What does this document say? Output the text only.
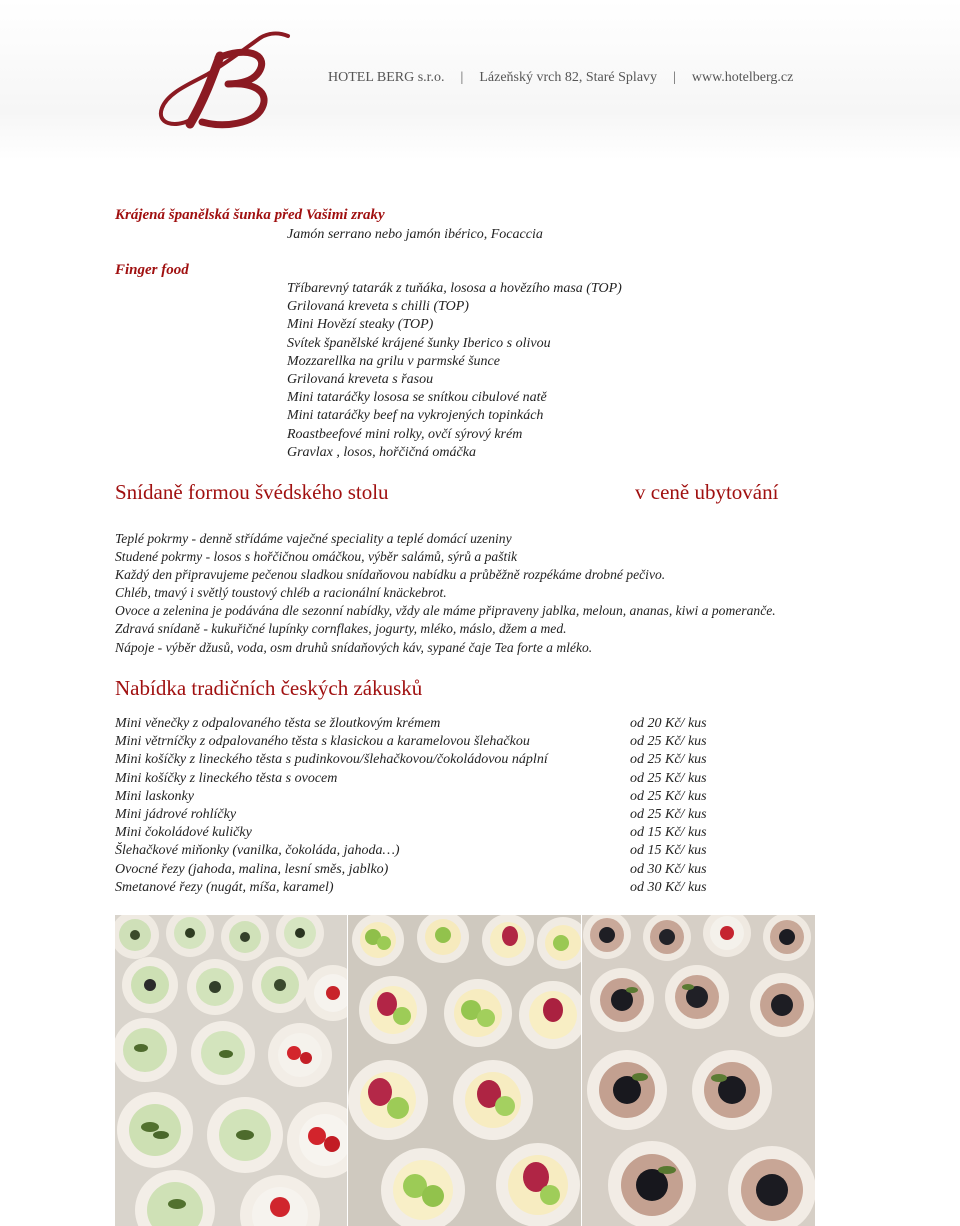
HOTEL BERG s.r.o. | Lázeňský vrch 82, Staré Splavy | www.hotelberg.cz
Krájená španělská šunka před Vašimi zraky
Jamón serrano nebo jamón ibérico, Focaccia
Finger food
Tříbarevný tatarák z tuňáka, lososa a hovězího masa (TOP)
Grilovaná kreveta s chilli (TOP)
Mini Hovězí steaky (TOP)
Svítek španělské krájené šunky Iberico s olivou
Mozzarellka na grilu v parmské šunce
Grilovaná kreveta s řasou
Mini tataráčky lososa se snítkou cibulové natě
Mini tataráčky beef na vykrojených topinkách
Roastbeefové mini rolky, ovčí sýrový krém
Gravlax , losos, hořčičná omáčka
Snídaně formou švédského stolu	v ceně ubytování
Teplé pokrmy - denně střídáme vaječné speciality a teplé domácí uzeniny
Studené pokrmy - losos s hořčičnou omáčkou, výběr salámů, sýrů a paštik
Každý den připravujeme pečenou sladkou snídaňovou nabídku a průběžně rozpékáme drobné pečivo.
Chléb, tmavý i světlý toustový chléb a racionální knäckebrot.
Ovoce a zelenina je podávána dle sezonní nabídky, vždy ale máme připraveny jablka, meloun, ananas, kiwi a pomeranče.
Zdravá snídaně - kukuřičné lupínky cornflakes, jogurty, mléko, máslo, džem a med.
Nápoje - výběr džusů, voda, osm druhů snídaňových káv, sypané čaje Tea forte a mléko.
Nabídka tradičních českých zákusků
Mini věnečky z odpalovaného těsta se žloutkovým krémem	od 20 Kč/ kus
Mini větrníčky z odpalovaného těsta s klasickou a karamelovou šlehačkou	od 25 Kč/ kus
Mini košíčky z lineckého těsta s pudinkovou/šlehačkovou/čokoládovou náplní	od 25 Kč/ kus
Mini košíčky z lineckého těsta s ovocem	od 25 Kč/ kus
Mini laskonky	od 25 Kč/ kus
Mini jádrové rohlíčky	od 25 Kč/ kus
Mini čokoládové kuličky	od 15 Kč/ kus
Šlehačkové miňonky (vanilka, čokoláda, jahoda…)	od 15 Kč/ kus
Ovocné řezy (jahoda, malina, lesní směs, jablko)	od 30 Kč/ kus
Smetanové řezy (nugát, míša, karamel)	od 30 Kč/ kus
